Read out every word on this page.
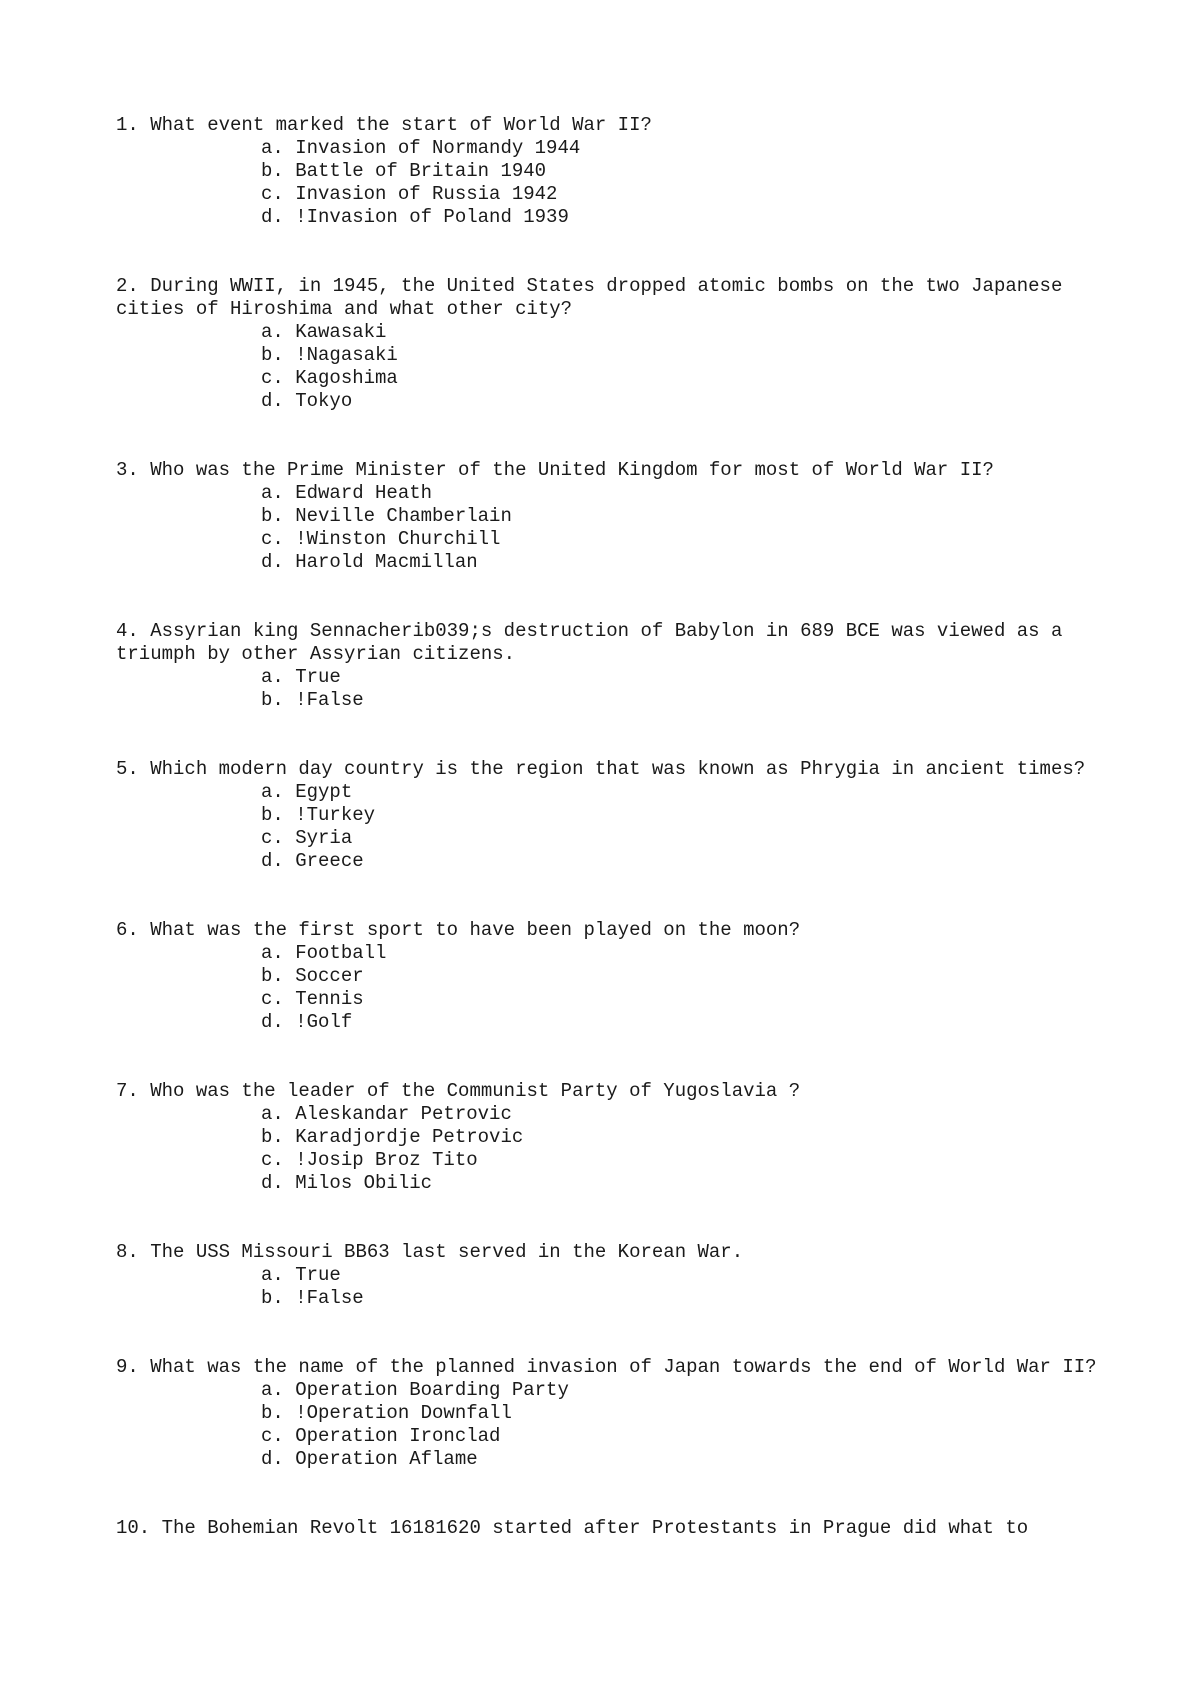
1. What event marked the start of World War II?

a. Invasion of Normandy 1944
b. Battle of Britain 1940
c. Invasion of Russia 1942
d. !Invasion of Poland 1939

2. During WWII, in 1945, the United States dropped atomic bombs on the two Japanese cities of Hiroshima and what other city?

a. Kawasaki
b. !Nagasaki
c. Kagoshima
d. Tokyo

3. Who was the Prime Minister of the United Kingdom for most of World War II?

a. Edward Heath
b. Neville Chamberlain
c. !Winston Churchill
d. Harold Macmillan

4. Assyrian king Sennacherib039;s destruction of Babylon in 689 BCE was viewed as a triumph by other Assyrian citizens.

a. True
b. !False

5. Which modern day country is the region that was known as Phrygia in ancient times?

a. Egypt
b. !Turkey
c. Syria
d. Greece

6. What was the first sport to have been played on the moon?

a. Football
b. Soccer
c. Tennis
d. !Golf

7. Who was the leader of the Communist Party of Yugoslavia ?

a. Aleskandar Petrovic
b. Karadjordje Petrovic
c. !Josip Broz Tito
d. Milos Obilic

8. The USS Missouri BB63 last served in the Korean War.

a. True
b. !False

9. What was the name of the planned invasion of Japan towards the end of World War II?

a. Operation Boarding Party
b. !Operation Downfall
c. Operation Ironclad
d. Operation Aflame

10. The Bohemian Revolt 16181620 started after Protestants in Prague did what to
